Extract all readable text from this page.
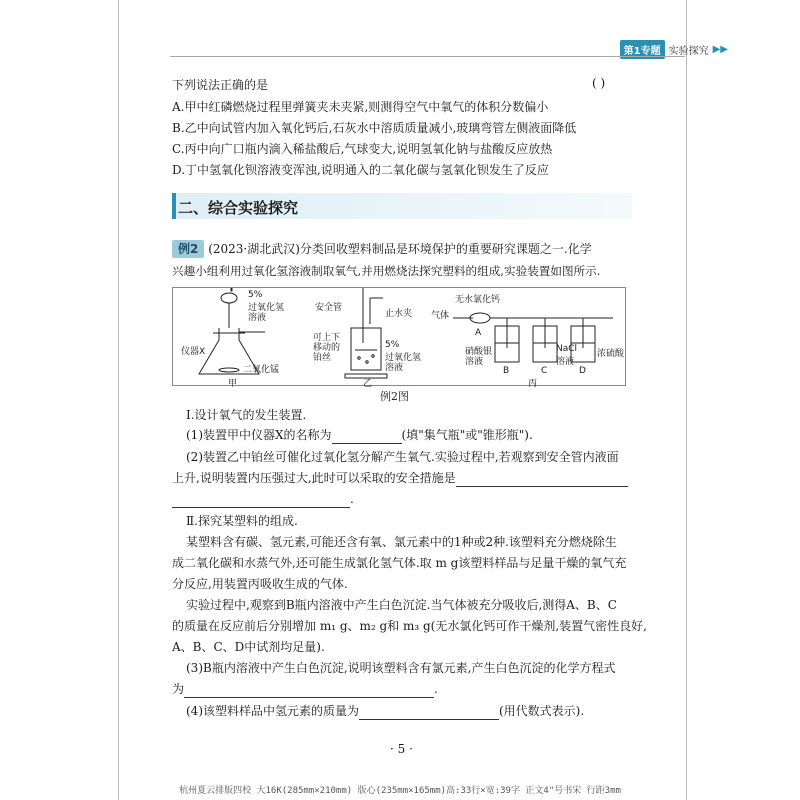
第1专题 实验探究 ▶▶
下列说法正确的是	( )
A.甲中红磷燃烧过程里弹簧夹未夹紧,则测得空气中氧气的体积分数偏小
B.乙中向试管内加入氧化钙后,石灰水中溶质质量减小,玻璃弯管左侧液面降低
C.丙中向广口瓶内滴入稀盐酸后,气球变大,说明氢氧化钠与盐酸反应放热
D.丁中氢氧化钡溶液变浑浊,说明通入的二氧化碳与氢氧化钡发生了反应
二、综合实验探究
例2 (2023·湖北武汉)分类回收塑料制品是环境保护的重要研究课题之一.化学
兴趣小组利用过氧化氢溶液制取氧气,并用燃烧法探究塑料的组成,实验装置如图所示.
5%
过氧化氢
溶液
仪器X
二氧化锰
甲
安全管
止水夹
可上下
移动的
铂丝
5%
过氧化氢
溶液
乙
无水氯化钙
气体
A
硝酸银
溶液
B
NaCl
溶液
C
浓硫酸
D
丙
例2图
Ⅰ.设计氧气的发生装置.
(1)装置甲中仪器X的名称为	(填"集气瓶"或"锥形瓶").
(2)装置乙中铂丝可催化过氧化氢分解产生氧气.实验过程中,若观察到安全管内液面
上升,说明装置内压强过大,此时可以采取的安全措施是
.
Ⅱ.探究某塑料的组成.
某塑料含有碳、氢元素,可能还含有氧、氯元素中的1种或2种.该塑料充分燃烧除生
成二氧化碳和水蒸气外,还可能生成氯化氢气体.取 m g该塑料样品与足量干燥的氧气充
分反应,用装置丙吸收生成的气体.
实验过程中,观察到B瓶内溶液中产生白色沉淀.当气体被充分吸收后,测得A、B、C
的质量在反应前后分别增加 m₁ g、m₂ g和 m₃ g(无水氯化钙可作干燥剂,装置气密性良好,
A、B、C、D中试剂均足量).
(3)B瓶内溶液中产生白色沉淀,说明该塑料含有氯元素,产生白色沉淀的化学方程式
为	.
(4)该塑料样品中氢元素的质量为	(用代数式表示).
· 5 ·
杭州夏云排版四校 大16K(285mm×210mm) 版心(235mm×165mm)高:33行×宽:39字 正文4"号书宋 行距3mm
